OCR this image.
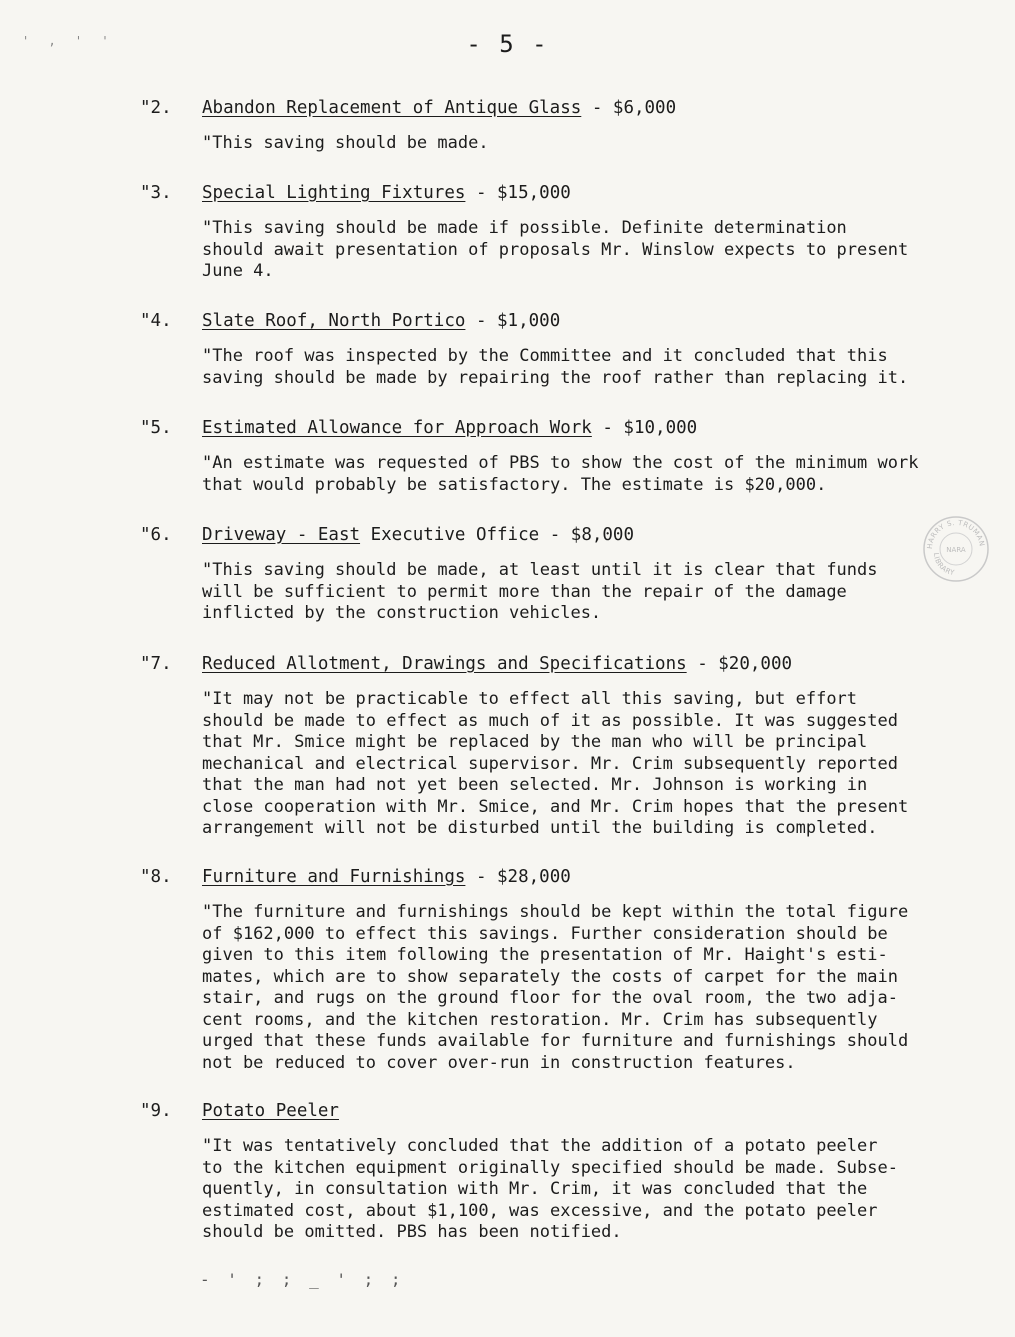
' , ' '	- 5 -
"2. Abandon Replacement of Antique Glass - $6,000
"This saving should be made.
"3. Special Lighting Fixtures - $15,000
"This saving should be made if possible. Definite determination
should await presentation of proposals Mr. Winslow expects to present
June 4.
"4. Slate Roof, North Portico - $1,000
"The roof was inspected by the Committee and it concluded that this
saving should be made by repairing the roof rather than replacing it.
"5. Estimated Allowance for Approach Work - $10,000
"An estimate was requested of PBS to show the cost of the minimum work
that would probably be satisfactory. The estimate is $20,000.
"6. Driveway - East Executive Office - $8,000
"This saving should be made, at least until it is clear that funds
will be sufficient to permit more than the repair of the damage
inflicted by the construction vehicles.
"7. Reduced Allotment, Drawings and Specifications - $20,000
"It may not be practicable to effect all this saving, but effort
should be made to effect as much of it as possible. It was suggested
that Mr. Smice might be replaced by the man who will be principal
mechanical and electrical supervisor. Mr. Crim subsequently reported
that the man had not yet been selected. Mr. Johnson is working in
close cooperation with Mr. Smice, and Mr. Crim hopes that the present
arrangement will not be disturbed until the building is completed.
"8. Furniture and Furnishings - $28,000
"The furniture and furnishings should be kept within the total figure
of $162,000 to effect this savings. Further consideration should be
given to this item following the presentation of Mr. Haight's esti-
mates, which are to show separately the costs of carpet for the main
stair, and rugs on the ground floor for the oval room, the two adja-
cent rooms, and the kitchen restoration. Mr. Crim has subsequently
urged that these funds available for furniture and furnishings should
not be reduced to cover over-run in construction features.
"9. Potato Peeler
"It was tentatively concluded that the addition of a potato peeler
to the kitchen equipment originally specified should be made. Subse-
quently, in consultation with Mr. Crim, it was concluded that the
estimated cost, about $1,100, was excessive, and the potato peeler
should be omitted. PBS has been notified.
HARRY S. TRUMAN
LIBRARY
NARA
- ' ; ; _ ' ; ;
